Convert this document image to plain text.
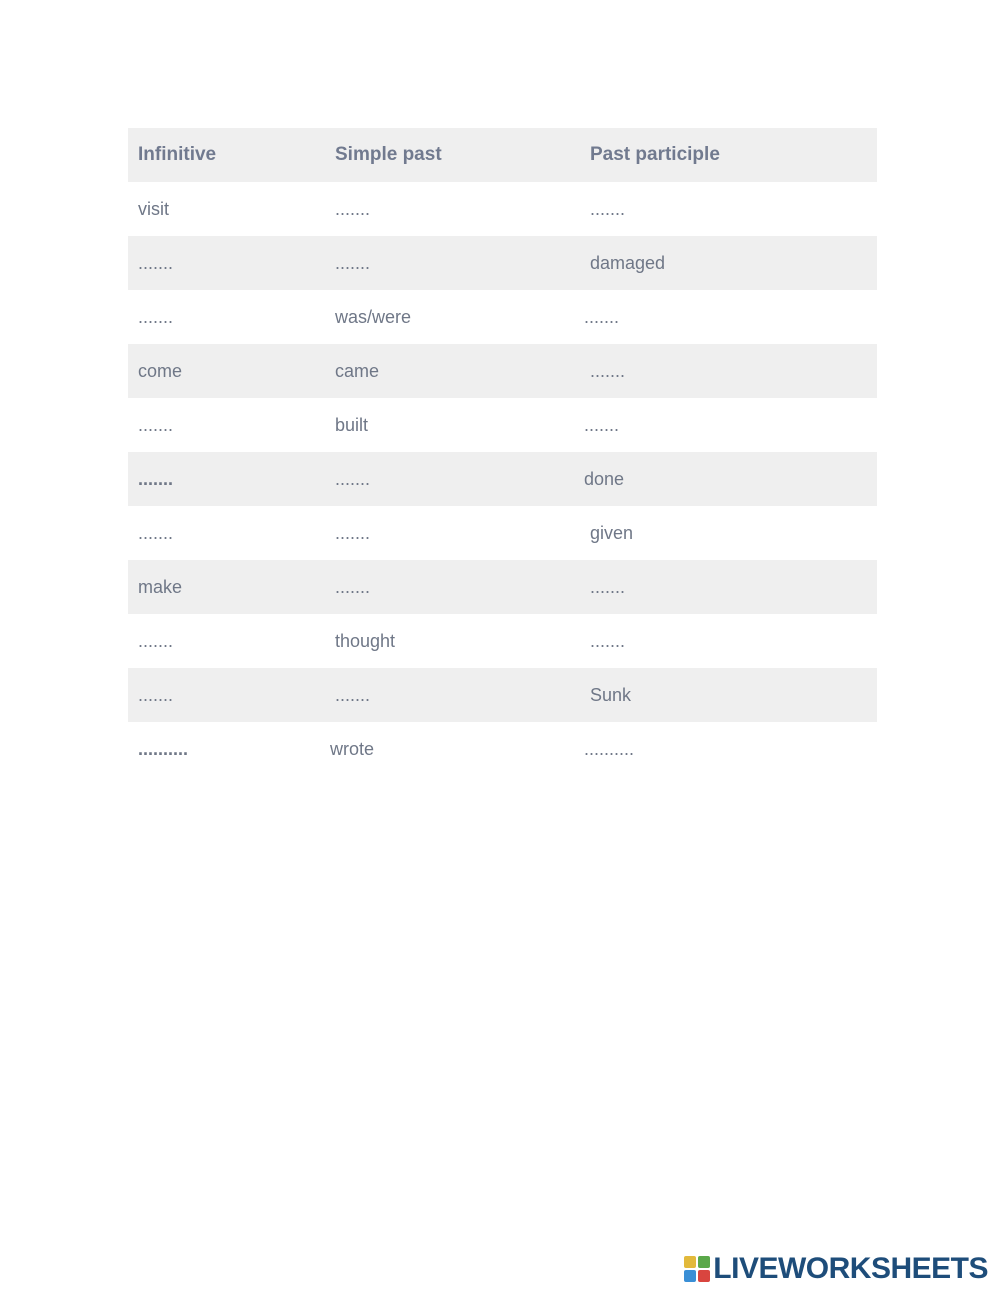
Infinitive	Simple past	Past participle
visit	.......	.......
.......	.......	damaged
.......	was/were	.......
come	came	.......
.......	built	.......
.......	.......	done
.......	.......	given
make	.......	.......
.......	thought	.......
.......	.......	Sunk
..........	wrote	..........
LIVEWORKSHEETS
